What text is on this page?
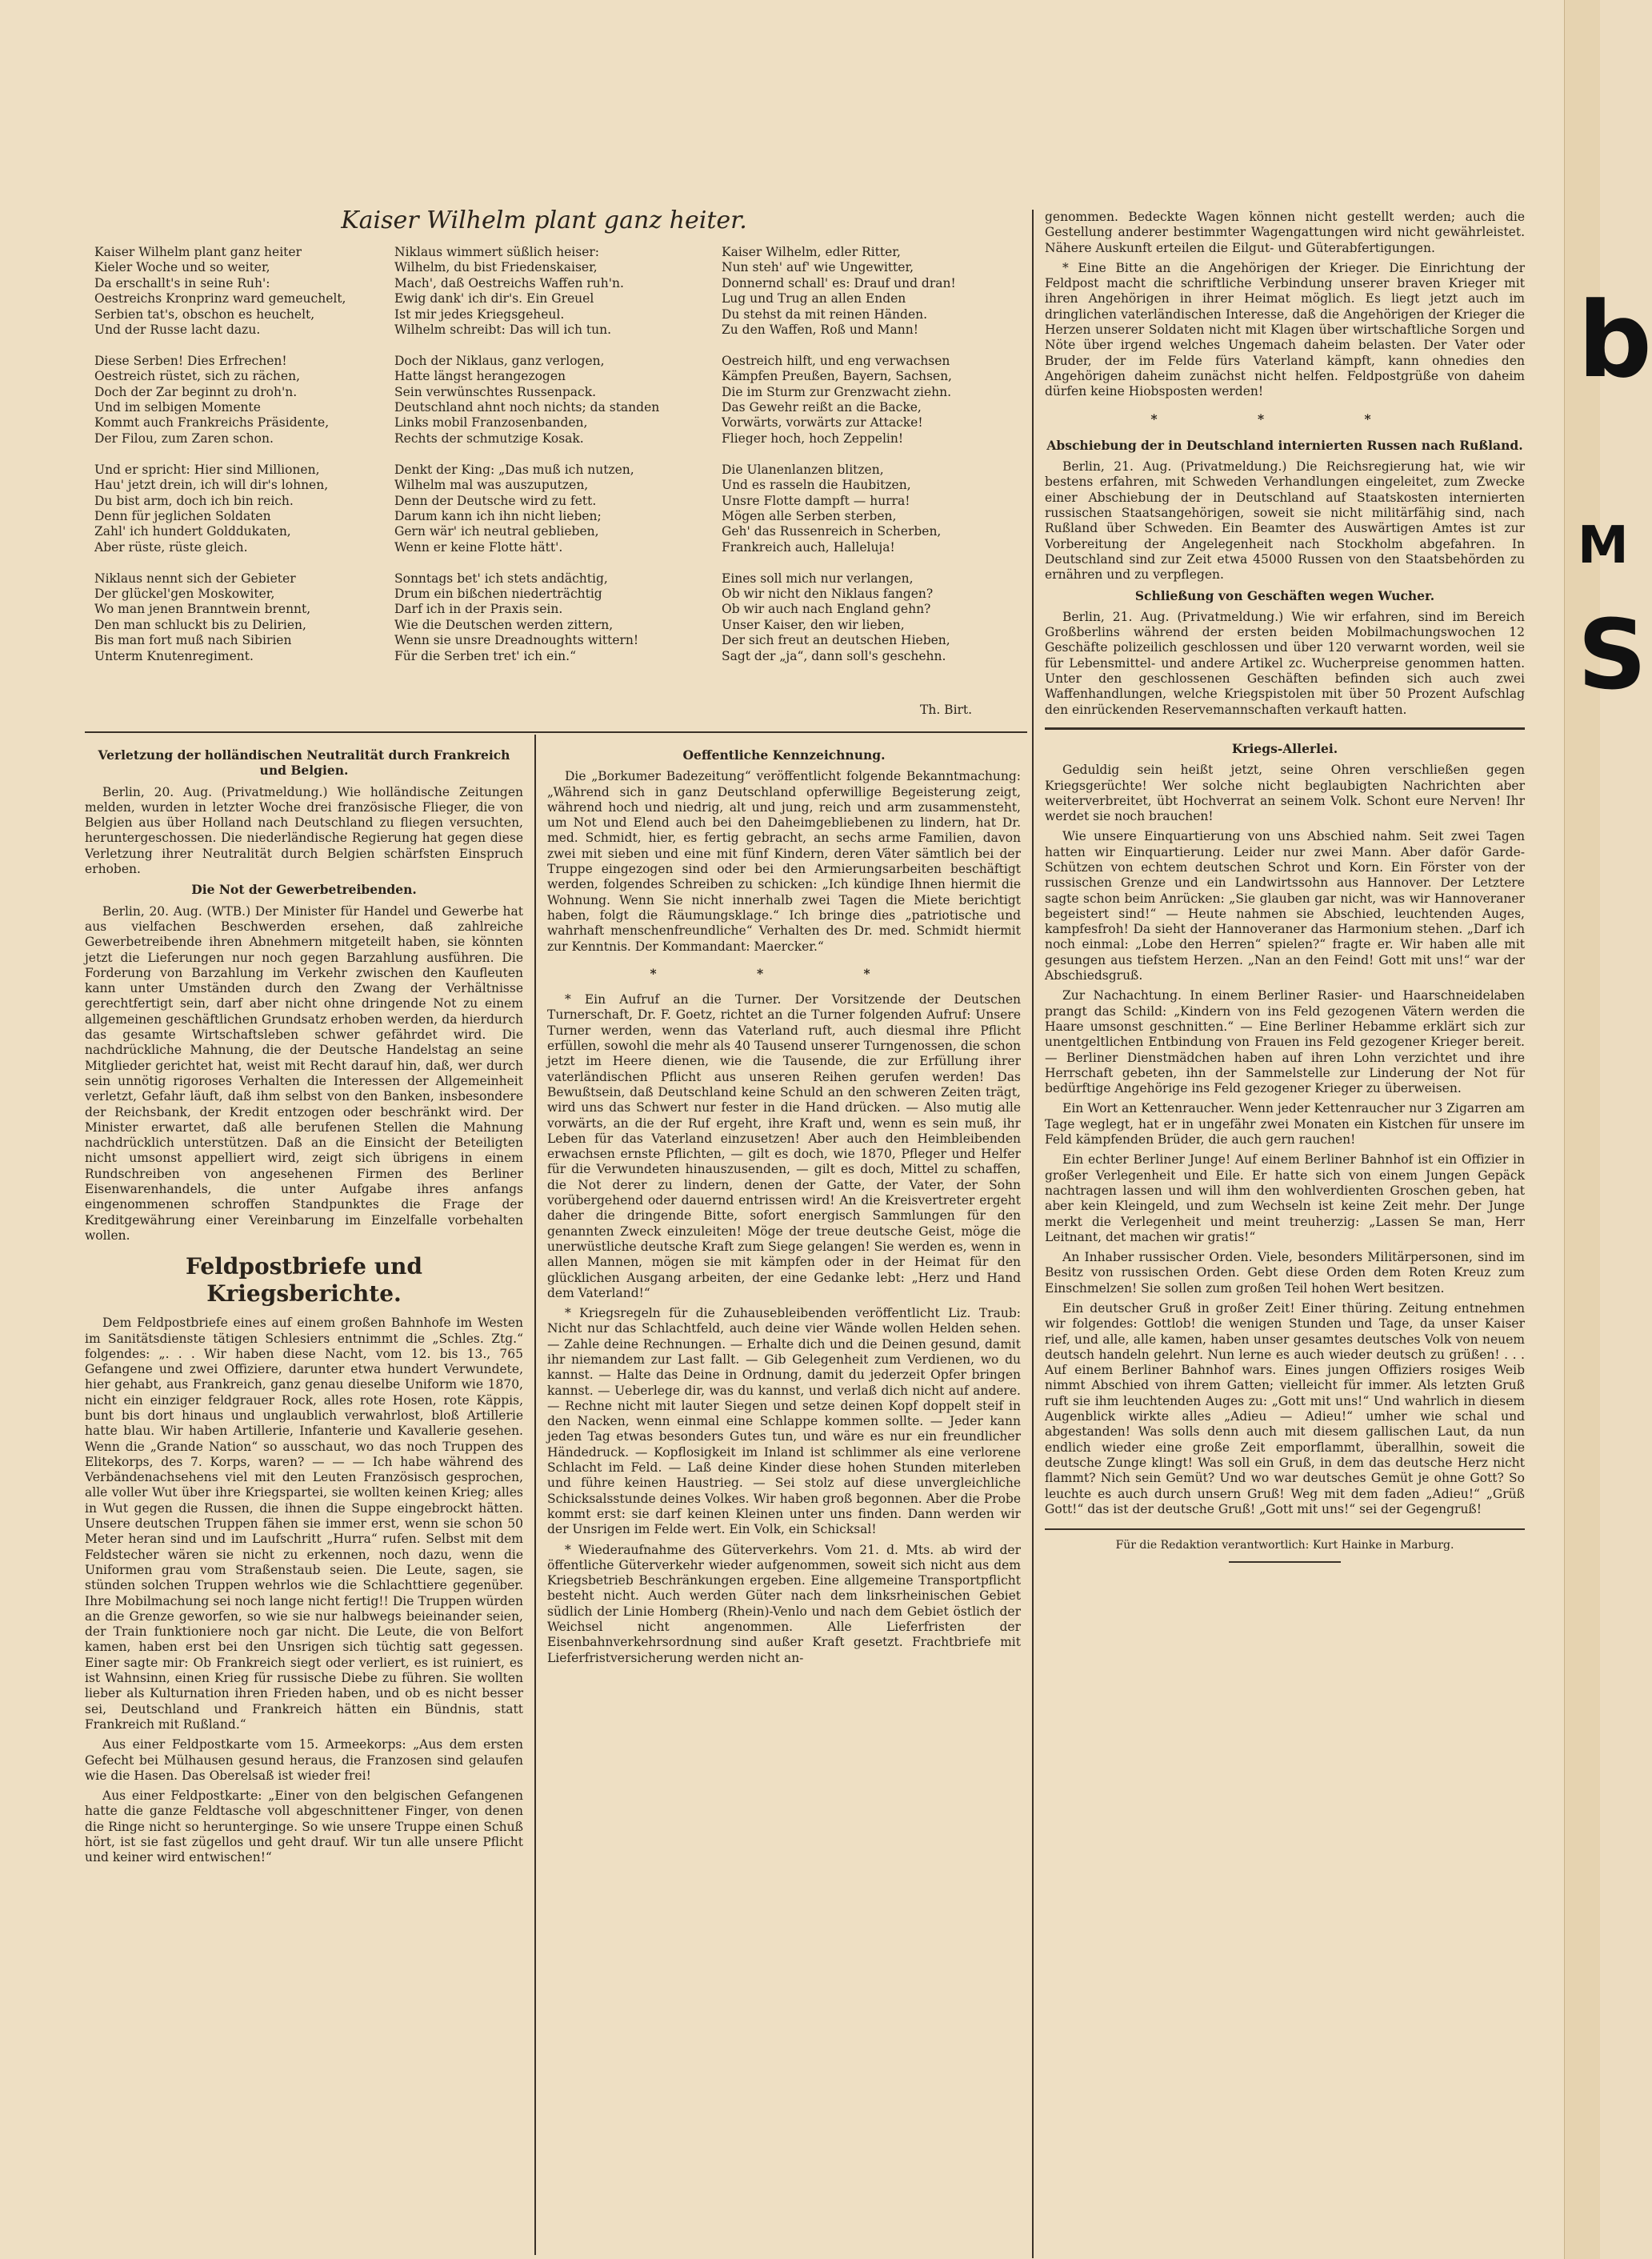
Kaiser Wilhelm plant ganz heiter.
Kaiser Wilhelm plant ganz heiter
Kieler Woche und so weiter,
Da erschallt's in seine Ruh':
Oestreichs Kronprinz ward gemeuchelt,
Serbien tat's, obschon es heuchelt,
Und der Russe lacht dazu.

Diese Serben! Dies Erfrechen!
Oestreich rüstet, sich zu rächen,
Doch der Zar beginnt zu droh'n.
Und im selbigen Momente
Kommt auch Frankreichs Präsidente,
Der Filou, zum Zaren schon.

Und er spricht: Hier sind Millionen,
Hau' jetzt drein, ich will dir's lohnen,
Du bist arm, doch ich bin reich.
Denn für jeglichen Soldaten
Zahl' ich hundert Golddukaten,
Aber rüste, rüste gleich.

Niklaus nennt sich der Gebieter
Der glückel'gen Moskowiter,
Wo man jenen Branntwein brennt,
Den man schluckt bis zu Delirien,
Bis man fort muß nach Sibirien
Unterm Knutenregiment.
Niklaus wimmert süßlich heiser:
Wilhelm, du bist Friedenskaiser,
Mach', daß Oestreichs Waffen ruh'n.
Ewig dank' ich dir's. Ein Greuel
Ist mir jedes Kriegsgeheul.
Wilhelm schreibt: Das will ich tun.

Doch der Niklaus, ganz verlogen,
Hatte längst herangezogen
Sein verwünschtes Russenpack.
Deutschland ahnt noch nichts; da standen
Links mobil Franzosenbanden,
Rechts der schmutzige Kosak.

Denkt der King: „Das muß ich nutzen,
Wilhelm mal was auszuputzen,
Denn der Deutsche wird zu fett.
Darum kann ich ihn nicht lieben;
Gern wär' ich neutral geblieben,
Wenn er keine Flotte hätt'.

Sonntags bet' ich stets andächtig,
Drum ein bißchen niederträchtig
Darf ich in der Praxis sein.
Wie die Deutschen werden zittern,
Wenn sie unsre Dreadnoughts wittern!
Für die Serben tret' ich ein.“
Kaiser Wilhelm, edler Ritter,
Nun steh' auf' wie Ungewitter,
Donnernd schall' es: Drauf und dran!
Lug und Trug an allen Enden
Du stehst da mit reinen Händen.
Zu den Waffen, Roß und Mann!

Oestreich hilft, und eng verwachsen
Kämpfen Preußen, Bayern, Sachsen,
Die im Sturm zur Grenzwacht ziehn.
Das Gewehr reißt an die Backe,
Vorwärts, vorwärts zur Attacke!
Flieger hoch, hoch Zeppelin!

Die Ulanenlanzen blitzen,
Und es rasseln die Haubitzen,
Unsre Flotte dampft — hurra!
Mögen alle Serben sterben,
Geh' das Russenreich in Scherben,
Frankreich auch, Halleluja!

Eines soll mich nur verlangen,
Ob wir nicht den Niklaus fangen?
Ob wir auch nach England gehn?
Unser Kaiser, den wir lieben,
Der sich freut an deutschen Hieben,
Sagt der „ja“, dann soll's geschehn.
Th. Birt.
Verletzung der holländischen Neutralität durch Frankreich und Belgien.

Berlin, 20. Aug. (Privatmeldung.) Wie holländische Zeitungen melden, wurden in letzter Woche drei französische Flieger, die von Belgien aus über Holland nach Deutschland zu fliegen versuchten, heruntergeschossen. Die niederländische Regierung hat gegen diese Verletzung ihrer Neutralität durch Belgien schärfsten Einspruch erhoben.

Die Not der Gewerbetreibenden.

Berlin, 20. Aug. (WTB.) Der Minister für Handel und Gewerbe hat aus vielfachen Beschwerden ersehen, daß zahlreiche Gewerbetreibende ihren Abnehmern mitgeteilt haben, sie könnten jetzt die Lieferungen nur noch gegen Barzahlung ausführen. Die Forderung von Barzahlung im Verkehr zwischen den Kaufleuten kann unter Umständen durch den Zwang der Verhältnisse gerechtfertigt sein, darf aber nicht ohne dringende Not zu einem allgemeinen geschäftlichen Grundsatz erhoben werden, da hierdurch das gesamte Wirtschaftsleben schwer gefährdet wird. Die nachdrückliche Mahnung, die der Deutsche Handelstag an seine Mitglieder gerichtet hat, weist mit Recht darauf hin, daß, wer durch sein unnötig rigoroses Verhalten die Interessen der Allgemeinheit verletzt, Gefahr läuft, daß ihm selbst von den Banken, insbesondere der Reichsbank, der Kredit entzogen oder beschränkt wird. Der Minister erwartet, daß alle berufenen Stellen die Mahnung nachdrücklich unterstützen. Daß an die Einsicht der Beteiligten nicht umsonst appelliert wird, zeigt sich übrigens in einem Rundschreiben von angesehenen Firmen des Berliner Eisenwarenhandels, die unter Aufgabe ihres anfangs eingenommenen schroffen Standpunktes die Frage der Kreditgewährung einer Vereinbarung im Einzelfalle vorbehalten wollen.

Feldpostbriefe und Kriegsberichte.

Dem Feldpostbriefe eines auf einem großen Bahnhofe im Westen im Sanitätsdienste tätigen Schlesiers entnimmt die „Schles. Ztg.“ folgendes: „. . . Wir haben diese Nacht, vom 12. bis 13., 765 Gefangene und zwei Offiziere, darunter etwa hundert Verwundete, hier gehabt, aus Frankreich, ganz genau dieselbe Uniform wie 1870, nicht ein einziger feldgrauer Rock, alles rote Hosen, rote Käppis, bunt bis dort hinaus und unglaublich verwahrlost, bloß Artillerie hatte blau. Wir haben Artillerie, Infanterie und Kavallerie gesehen. Wenn die „Grande Nation“ so ausschaut, wo das noch Truppen des Elitekorps, des 7. Korps, waren? — — — Ich habe während des Verbändenachsehens viel mit den Leuten Französisch gesprochen, alle voller Wut über ihre Kriegspartei, sie wollten keinen Krieg; alles in Wut gegen die Russen, die ihnen die Suppe eingebrockt hätten. Unsere deutschen Truppen fähen sie immer erst, wenn sie schon 50 Meter heran sind und im Laufschritt „Hurra“ rufen. Selbst mit dem Feldstecher wären sie nicht zu erkennen, noch dazu, wenn die Uniformen grau vom Straßenstaub seien. Die Leute, sagen, sie stünden solchen Truppen wehrlos wie die Schlachttiere gegenüber. Ihre Mobilmachung sei noch lange nicht fertig!! Die Truppen würden an die Grenze geworfen, so wie sie nur halbwegs beieinander seien, der Train funktioniere noch gar nicht. Die Leute, die von Belfort kamen, haben erst bei den Unsrigen sich tüchtig satt gegessen. Einer sagte mir: Ob Frankreich siegt oder verliert, es ist ruiniert, es ist Wahnsinn, einen Krieg für russische Diebe zu führen. Sie wollten lieber als Kulturnation ihren Frieden haben, und ob es nicht besser sei, Deutschland und Frankreich hätten ein Bündnis, statt Frankreich mit Rußland.“

Aus einer Feldpostkarte vom 15. Armeekorps: „Aus dem ersten Gefecht bei Mülhausen gesund heraus, die Franzosen sind gelaufen wie die Hasen. Das Oberelsaß ist wieder frei!

Aus einer Feldpostkarte: „Einer von den belgischen Gefangenen hatte die ganze Feldtasche voll abgeschnittener Finger, von denen die Ringe nicht so herunterginge. So wie unsere Truppe einen Schuß hört, ist sie fast zügellos und geht drauf. Wir tun alle unsere Pflicht und keiner wird entwischen!“

Oeffentliche Kennzeichnung.

Die „Borkumer Badezeitung“ veröffentlicht folgende Bekanntmachung: „Während sich in ganz Deutschland opferwillige Begeisterung zeigt, während hoch und niedrig, alt und jung, reich und arm zusammensteht, um Not und Elend auch bei den Daheimgebliebenen zu lindern, hat Dr. med. Schmidt, hier, es fertig gebracht, an sechs arme Familien, davon zwei mit sieben und eine mit fünf Kindern, deren Väter sämtlich bei der Truppe eingezogen sind oder bei den Armierungsarbeiten beschäftigt werden, folgendes Schreiben zu schicken: „Ich kündige Ihnen hiermit die Wohnung. Wenn Sie nicht innerhalb zwei Tagen die Miete berichtigt haben, folgt die Räumungsklage.“ Ich bringe dies „patriotische und wahrhaft menschenfreundliche“ Verhalten des Dr. med. Schmidt hiermit zur Kenntnis. Der Kommandant: Maercker.“

* * *

* Ein Aufruf an die Turner. Der Vorsitzende der Deutschen Turnerschaft, Dr. F. Goetz, richtet an die Turner folgenden Aufruf: Unsere Turner werden, wenn das Vaterland ruft, auch diesmal ihre Pflicht erfüllen, sowohl die mehr als 40 Tausend unserer Turngenossen, die schon jetzt im Heere dienen, wie die Tausende, die zur Erfüllung ihrer vaterländischen Pflicht aus unseren Reihen gerufen werden! Das Bewußtsein, daß Deutschland keine Schuld an den schweren Zeiten trägt, wird uns das Schwert nur fester in die Hand drücken. — Also mutig alle vorwärts, an die der Ruf ergeht, ihre Kraft und, wenn es sein muß, ihr Leben für das Vaterland einzusetzen! Aber auch den Heimbleibenden erwachsen ernste Pflichten, — gilt es doch, wie 1870, Pfleger und Helfer für die Verwundeten hinauszusenden, — gilt es doch, Mittel zu schaffen, die Not derer zu lindern, denen der Gatte, der Vater, der Sohn vorübergehend oder dauernd entrissen wird! An die Kreisvertreter ergeht daher die dringende Bitte, sofort energisch Sammlungen für den genannten Zweck einzuleiten! Möge der treue deutsche Geist, möge die unerwüstliche deutsche Kraft zum Siege gelangen! Sie werden es, wenn in allen Mannen, mögen sie mit kämpfen oder in der Heimat für den glücklichen Ausgang arbeiten, der eine Gedanke lebt: „Herz und Hand dem Vaterland!“

* Kriegsregeln für die Zuhausebleibenden veröffentlicht Liz. Traub: Nicht nur das Schlachtfeld, auch deine vier Wände wollen Helden sehen. — Zahle deine Rechnungen. — Erhalte dich und die Deinen gesund, damit ihr niemandem zur Last fallt. — Gib Gelegenheit zum Verdienen, wo du kannst. — Halte das Deine in Ordnung, damit du jederzeit Opfer bringen kannst. — Ueberlege dir, was du kannst, und verlaß dich nicht auf andere. — Rechne nicht mit lauter Siegen und setze deinen Kopf doppelt steif in den Nacken, wenn einmal eine Schlappe kommen sollte. — Jeder kann jeden Tag etwas besonders Gutes tun, und wäre es nur ein freundlicher Händedruck. — Kopflosigkeit im Inland ist schlimmer als eine verlorene Schlacht im Feld. — Laß deine Kinder diese hohen Stunden miterleben und führe keinen Haustrieg. — Sei stolz auf diese unvergleichliche Schicksalsstunde deines Volkes. Wir haben groß begonnen. Aber die Probe kommt erst: sie darf keinen Kleinen unter uns finden. Dann werden wir der Unsrigen im Felde wert. Ein Volk, ein Schicksal!

* Wiederaufnahme des Güterverkehrs. Vom 21. d. Mts. ab wird der öffentliche Güterverkehr wieder aufgenommen, soweit sich nicht aus dem Kriegsbetrieb Beschränkungen ergeben. Eine allgemeine Transportpflicht besteht nicht. Auch werden Güter nach dem linksrheinischen Gebiet südlich der Linie Homberg (Rhein)-Venlo und nach dem Gebiet östlich der Weichsel nicht angenommen. Alle Lieferfristen der Eisenbahnverkehrsordnung sind außer Kraft gesetzt. Frachtbriefe mit Lieferfristversicherung werden nicht an-

genommen. Bedeckte Wagen können nicht gestellt werden; auch die Gestellung anderer bestimmter Wagengattungen wird nicht gewährleistet. Nähere Auskunft erteilen die Eilgut- und Güterabfertigungen.

* Eine Bitte an die Angehörigen der Krieger. Die Einrichtung der Feldpost macht die schriftliche Verbindung unserer braven Krieger mit ihren Angehörigen in ihrer Heimat möglich. Es liegt jetzt auch im dringlichen vaterländischen Interesse, daß die Angehörigen der Krieger die Herzen unserer Soldaten nicht mit Klagen über wirtschaftliche Sorgen und Nöte über irgend welches Ungemach daheim belasten. Der Vater oder Bruder, der im Felde fürs Vaterland kämpft, kann ohnedies den Angehörigen daheim zunächst nicht helfen. Feldpostgrüße von daheim dürfen keine Hiobsposten werden!

* * *
Abschiebung der in Deutschland internierten Russen nach Rußland.

Berlin, 21. Aug. (Privatmeldung.) Die Reichsregierung hat, wie wir bestens erfahren, mit Schweden Verhandlungen eingeleitet, zum Zwecke einer Abschiebung der in Deutschland auf Staatskosten internierten russischen Staatsangehörigen, soweit sie nicht militärfähig sind, nach Rußland über Schweden. Ein Beamter des Auswärtigen Amtes ist zur Vorbereitung der Angelegenheit nach Stockholm abgefahren. In Deutschland sind zur Zeit etwa 45000 Russen von den Staatsbehörden zu ernähren und zu verpflegen.

Schließung von Geschäften wegen Wucher.

Berlin, 21. Aug. (Privatmeldung.) Wie wir erfahren, sind im Bereich Großberlins während der ersten beiden Mobilmachungswochen 12 Geschäfte polizeilich geschlossen und über 120 verwarnt worden, weil sie für Lebensmittel- und andere Artikel zc. Wucherpreise genommen hatten. Unter den geschlossenen Geschäften befinden sich auch zwei Waffenhandlungen, welche Kriegspistolen mit über 50 Prozent Aufschlag den einrückenden Reservemannschaften verkauft hatten.

Kriegs-Allerlei.

Geduldig sein heißt jetzt, seine Ohren verschließen gegen Kriegsgerüchte! Wer solche nicht beglaubigten Nachrichten aber weiterverbreitet, übt Hochverrat an seinem Volk. Schont eure Nerven! Ihr werdet sie noch brauchen!

Wie unsere Einquartierung von uns Abschied nahm. Seit zwei Tagen hatten wir Einquartierung. Leider nur zwei Mann. Aber daför Garde-Schützen von echtem deutschen Schrot und Korn. Ein Förster von der russischen Grenze und ein Landwirtssohn aus Hannover. Der Letztere sagte schon beim Anrücken: „Sie glauben gar nicht, was wir Hannoveraner begeistert sind!“ — Heute nahmen sie Abschied, leuchtenden Auges, kampfesfroh! Da sieht der Hannoveraner das Harmonium stehen. „Darf ich noch einmal: „Lobe den Herren“ spielen?“ fragte er. Wir haben alle mit gesungen aus tiefstem Herzen. „Nan an den Feind! Gott mit uns!“ war der Abschiedsgruß.

Zur Nachachtung. In einem Berliner Rasier- und Haarschneidelaben prangt das Schild: „Kindern von ins Feld gezogenen Vätern werden die Haare umsonst geschnitten.“ — Eine Berliner Hebamme erklärt sich zur unentgeltlichen Entbindung von Frauen ins Feld gezogener Krieger bereit. — Berliner Dienstmädchen haben auf ihren Lohn verzichtet und ihre Herrschaft gebeten, ihn der Sammelstelle zur Linderung der Not für bedürftige Angehörige ins Feld gezogener Krieger zu überweisen.

Ein Wort an Kettenraucher. Wenn jeder Kettenraucher nur 3 Zigarren am Tage weglegt, hat er in ungefähr zwei Monaten ein Kistchen für unsere im Feld kämpfenden Brüder, die auch gern rauchen!

Ein echter Berliner Junge! Auf einem Berliner Bahnhof ist ein Offizier in großer Verlegenheit und Eile. Er hatte sich von einem Jungen Gepäck nachtragen lassen und will ihm den wohlverdienten Groschen geben, hat aber kein Kleingeld, und zum Wechseln ist keine Zeit mehr. Der Junge merkt die Verlegenheit und meint treuherzig: „Lassen Se man, Herr Leitnant, det machen wir gratis!“

An Inhaber russischer Orden. Viele, besonders Militärpersonen, sind im Besitz von russischen Orden. Gebt diese Orden dem Roten Kreuz zum Einschmelzen! Sie sollen zum großen Teil hohen Wert besitzen.

Ein deutscher Gruß in großer Zeit! Einer thüring. Zeitung entnehmen wir folgendes: Gottlob! die wenigen Stunden und Tage, da unser Kaiser rief, und alle, alle kamen, haben unser gesamtes deutsches Volk von neuem deutsch handeln gelehrt. Nun lerne es auch wieder deutsch zu grüßen! . . . Auf einem Berliner Bahnhof wars. Eines jungen Offiziers rosiges Weib nimmt Abschied von ihrem Gatten; vielleicht für immer. Als letzten Gruß ruft sie ihm leuchtenden Auges zu: „Gott mit uns!“ Und wahrlich in diesem Augenblick wirkte alles „Adieu — Adieu!“ umher wie schal und abgestanden! Was solls denn auch mit diesem gallischen Laut, da nun endlich wieder eine große Zeit emporflammt, überallhin, soweit die deutsche Zunge klingt! Was soll ein Gruß, in dem das deutsche Herz nicht flammt? Nich sein Gemüt? Und wo war deutsches Gemüt je ohne Gott? So leuchte es auch durch unsern Gruß! Weg mit dem faden „Adieu!“ „Grüß Gott!“ das ist der deutsche Gruß! „Gott mit uns!“ sei der Gegengruß!

Für die Redaktion verantwortlich: Kurt Hainke in Marburg.
b
M
S
